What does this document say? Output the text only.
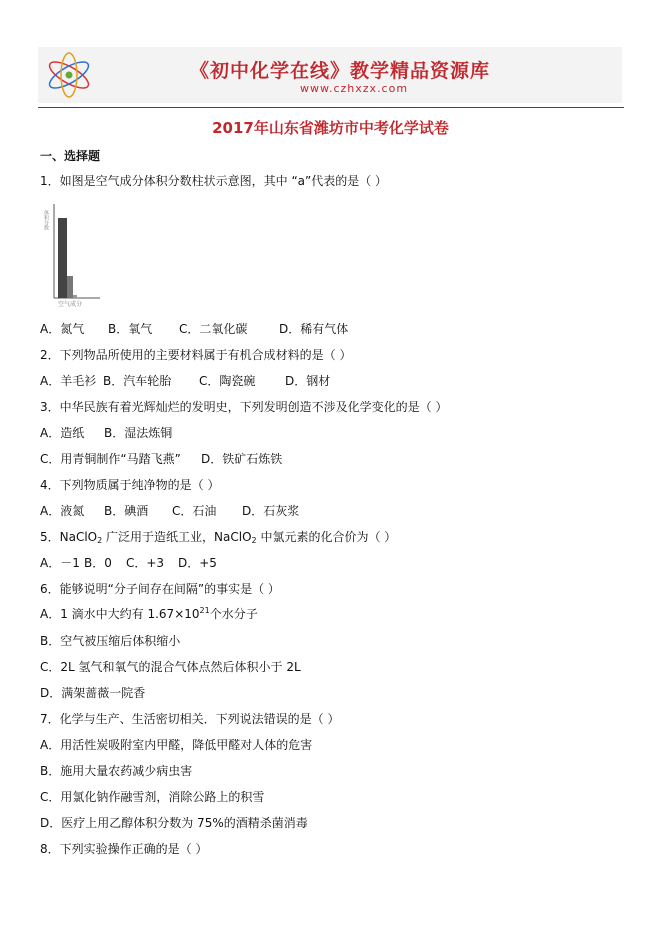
《初中化学在线》教学精品资源库
www.czhxzx.com
2017年山东省潍坊市中考化学试卷
一、选择题
1．如图是空气成分体积分数柱状示意图，其中 “a”代表的是（ ）
体积分数
空气成分
A．氮气 B．氧气 C．二氧化碳	D．稀有气体
2．下列物品所使用的主要材料属于有机合成材料的是（ ）
A．羊毛衫 B．汽车轮胎 C．陶瓷碗 D．钢材
3．中华民族有着光辉灿烂的发明史，下列发明创造不涉及化学变化的是（ ）
A．造纸 B．湿法炼铜
C．用青铜制作“马踏飞燕” D．铁矿石炼铁
4．下列物质属于纯净物的是（ ）
A．液氮 B．碘酒 C．石油 D．石灰浆
5．NaClO$_2$ 广泛用于造纸工业，NaClO$_2$ 中氯元素的化合价为（ ）
A．－1 B．0 C．+3 D．+5
6．能够说明“分子间存在间隔”的事实是（ ）
A．1 滴水中大约有 $1.67\times 10^{21}$个水分子
B．空气被压缩后体积缩小
C．2L 氢气和氧气的混合气体点然后体积小于 2L
D．满架蔷薇一院香
7．化学与生产、生活密切相关．下列说法错误的是（ ）
A．用活性炭吸附室内甲醛，降低甲醛对人体的危害
B．施用大量农药减少病虫害
C．用氯化钠作融雪剂，消除公路上的积雪
D．医疗上用乙醇体积分数为 75%的酒精杀菌消毒
8．下列实验操作正确的是（ ）
